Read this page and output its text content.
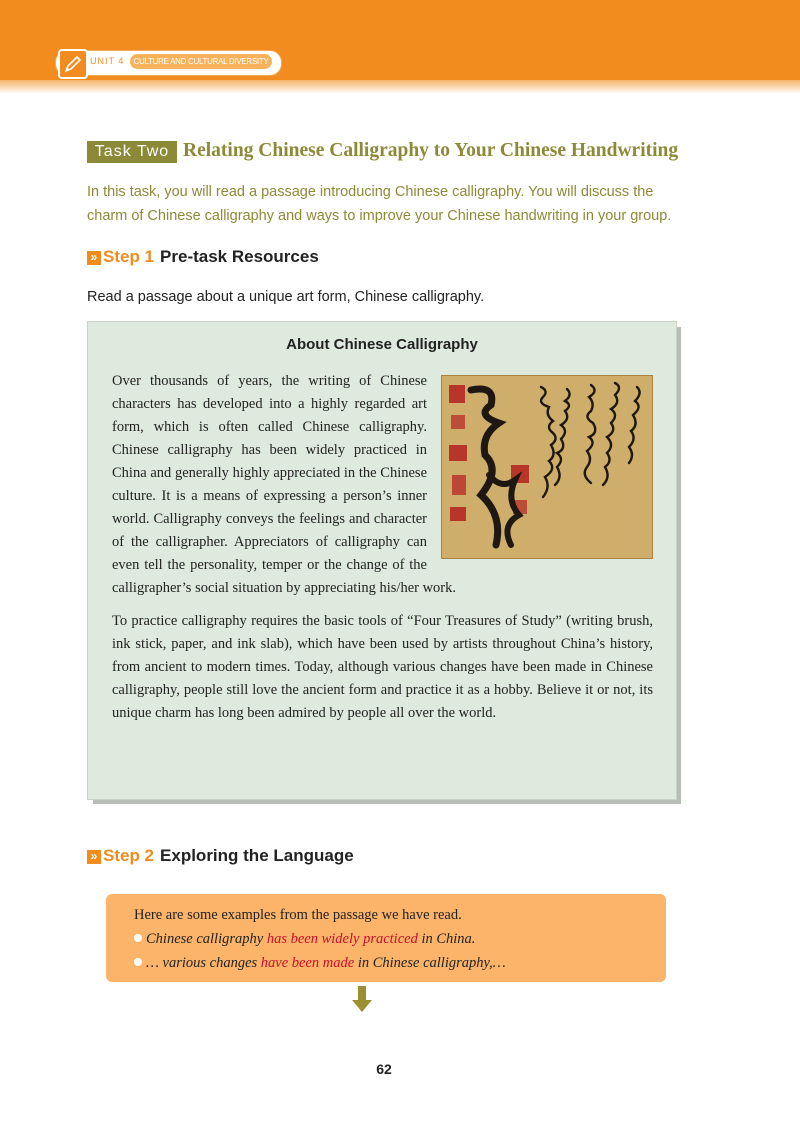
UNIT 4	CULTURE AND CULTURAL DIVERSITY
Task Two Relating Chinese Calligraphy to Your Chinese Handwriting
In this task, you will read a passage introducing Chinese calligraphy. You will discuss the charm of Chinese calligraphy and ways to improve your Chinese handwriting in your group.
» Step 1 Pre-task Resources
Read a passage about a unique art form, Chinese calligraphy.
About Chinese Calligraphy

Over thousands of years, the writing of Chinese characters has developed into a highly regarded art form, which is often called Chinese calligraphy. Chinese calligraphy has been widely practiced in China and generally highly appreciated in the Chinese culture. It is a means of expressing a person’s inner world. Calligraphy conveys the feelings and character of the calligrapher. Appreciators of calligraphy can even tell the personality, temper or the change of the calligrapher’s social situation by appreciating his/her work.

To practice calligraphy requires the basic tools of “Four Treasures of Study” (writing brush, ink stick, paper, and ink slab), which have been used by artists throughout China’s history, from ancient to modern times. Today, although various changes have been made in Chinese calligraphy, people still love the ancient form and practice it as a hobby. Believe it or not, its unique charm has long been admired by people all over the world.

» Step 2 Exploring the Language
Here are some examples from the passage we have read.
Chinese calligraphy has been widely practiced in China.
… various changes have been made in Chinese calligraphy,…
62
